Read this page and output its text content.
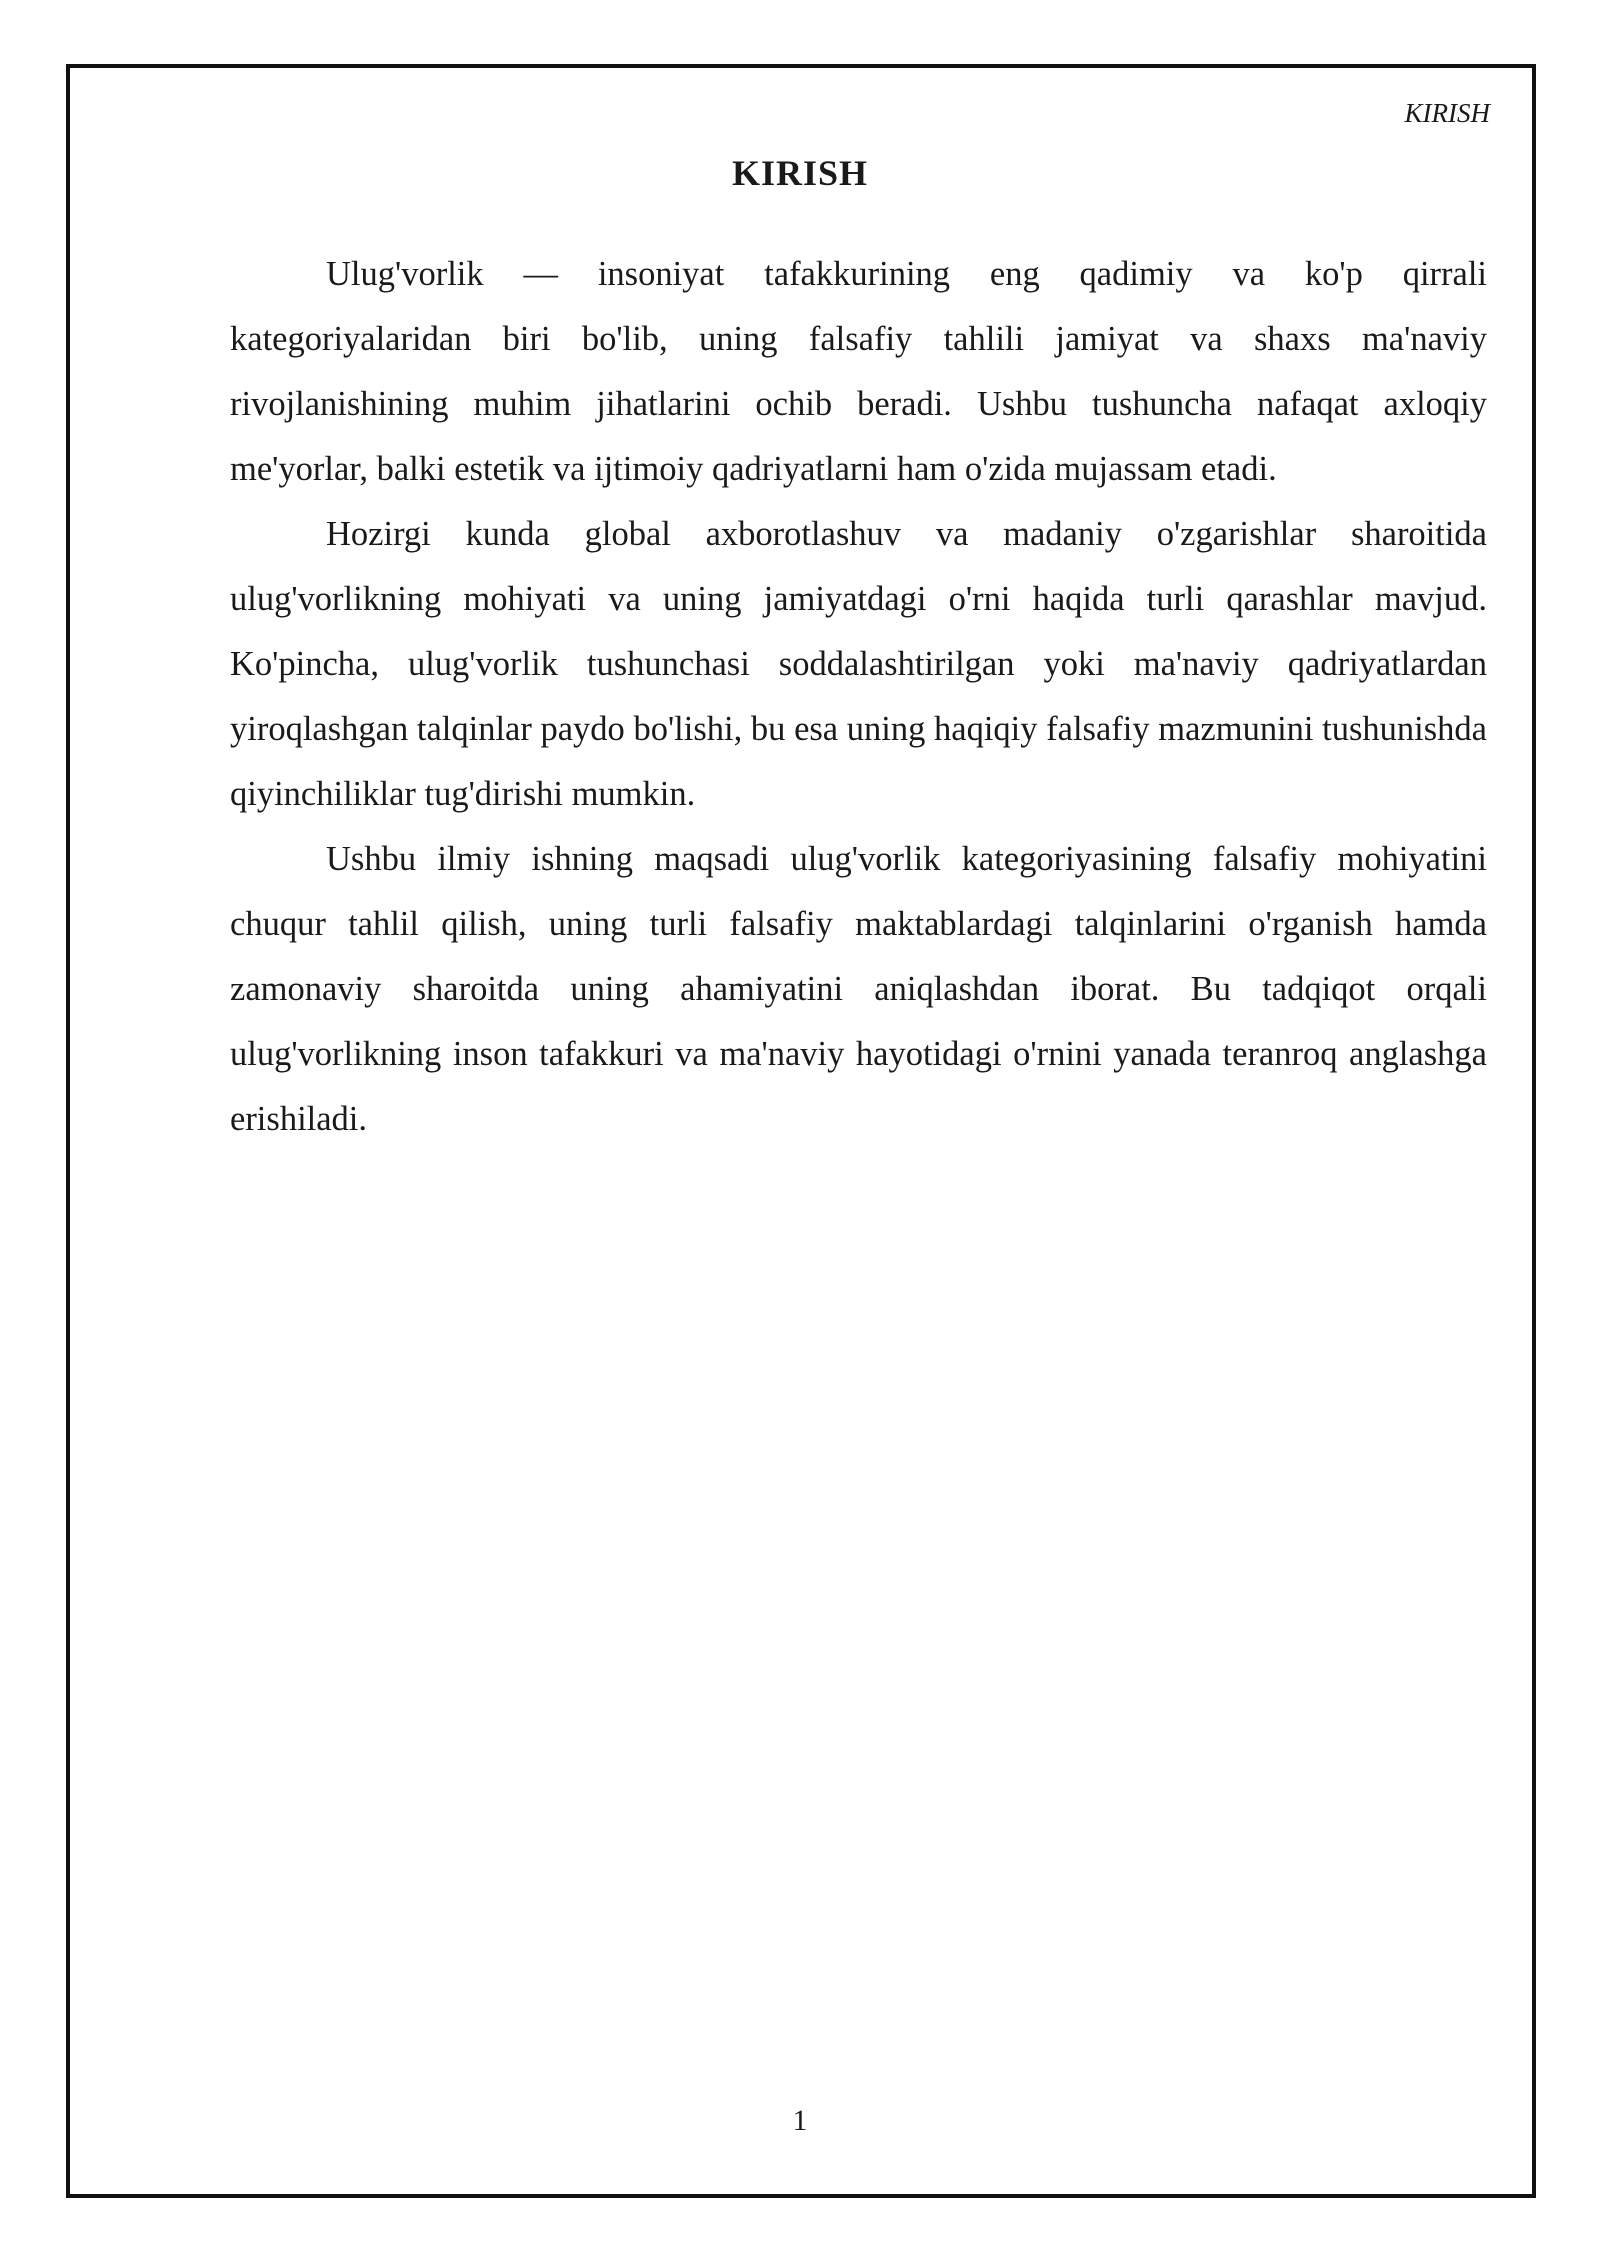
KIRISH
KIRISH

Ulug'vorlik — insoniyat tafakkurining eng qadimiy va ko'p qirrali kategoriyalaridan biri bo'lib, uning falsafiy tahlili jamiyat va shaxs ma'naviy rivojlanishining muhim jihatlarini ochib beradi. Ushbu tushuncha nafaqat axloqiy me'yorlar, balki estetik va ijtimoiy qadriyatlarni ham o'zida mujassam etadi.

Hozirgi kunda global axborotlashuv va madaniy o'zgarishlar sharoitida ulug'vorlikning mohiyati va uning jamiyatdagi o'rni haqida turli qarashlar mavjud. Ko'pincha, ulug'vorlik tushunchasi soddalashtirilgan yoki ma'naviy qadriyatlardan yiroqlashgan talqinlar paydo bo'lishi, bu esa uning haqiqiy falsafiy mazmunini tushunishda qiyinchiliklar tug'dirishi mumkin.

Ushbu ilmiy ishning maqsadi ulug'vorlik kategoriyasining falsafiy mohiyatini chuqur tahlil qilish, uning turli falsafiy maktablardagi talqinlarini o'rganish hamda zamonaviy sharoitda uning ahamiyatini aniqlashdan iborat. Bu tadqiqot orqali ulug'vorlikning inson tafakkuri va ma'naviy hayotidagi o'rnini yanada teranroq anglashga erishiladi.

1
